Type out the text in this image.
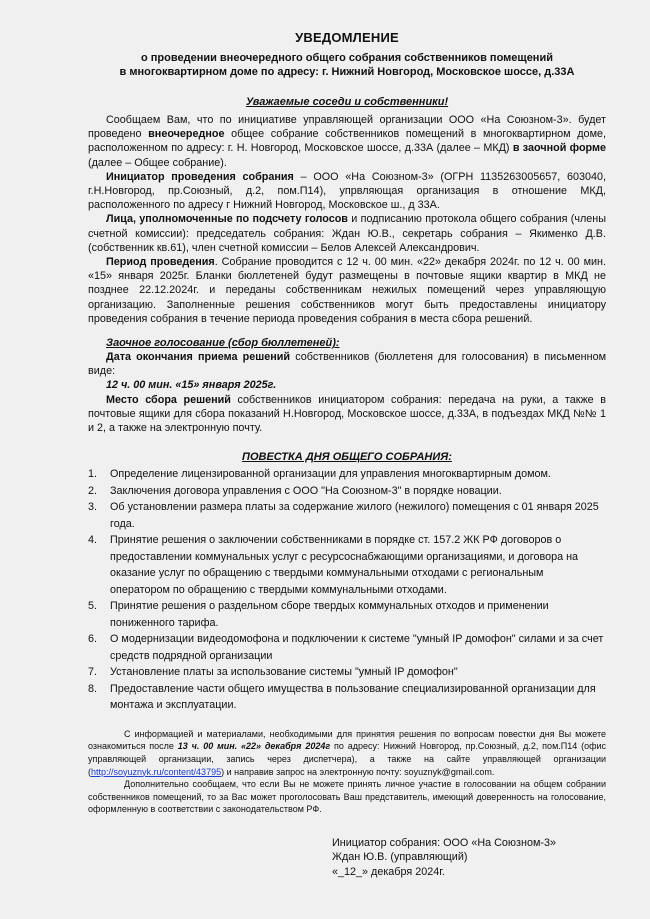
УВЕДОМЛЕНИЕ
о проведении внеочередного общего собрания собственников помещений
в многоквартирном доме по адресу: г. Нижний Новгород, Московское шоссе, д.33А
Уважаемые соседи и собственники!

Сообщаем Вам, что по инициативе управляющей организации ООО «На Союзном-3». будет проведено внеочередное общее собрание собственников помещений в многоквартирном доме, расположенном по адресу: г. Н. Новгород, Московское шоссе, д.33А (далее – МКД) в заочной форме (далее – Общее собрание).

Инициатор проведения собрания – ООО «На Союзном-3» (ОГРН 1135263005657, 603040, г.Н.Новгород, пр.Союзный, д.2, пом.П14), упрвляющая организация в отношение МКД, расположенного по адресу г Нижний Новгород, Московское ш., д 33А.

Лица, уполномоченные по подсчету голосов и подписанию протокола общего собрания (члены счетной комиссии): председатель собрания: Ждан Ю.В., секретарь собрания – Якименко Д.В. (собственник кв.61), член счетной комиссии – Белов Алексей Александрович.

Период проведения. Собрание проводится с 12 ч. 00 мин. «22» декабря 2024г. по 12 ч. 00 мин. «15» января 2025г. Бланки бюллетеней будут размещены в почтовые ящики квартир в МКД не позднее 22.12.2024г. и переданы собственникам нежилых помещений через управляющую организацию. Заполненные решения собственников могут быть предоставлены инициатору проведения собрания в течение периода проведения собрания в места сбора решений.

Заочное голосование (сбор бюллетеней):

Дата окончания приема решений собственников (бюллетеня для голосования) в письменном виде:

12 ч. 00 мин. «15» января 2025г.

Место сбора решений собственников инициатором собрания: передача на руки, а также в почтовые ящики для сбора показаний Н.Новгород, Московское шоссе, д.33А, в подъездах МКД №№ 1 и 2, а также на электронную почту.

ПОВЕСТКА ДНЯ ОБЩЕГО СОБРАНИЯ:
1. Определение лицензированной организации для управления многоквартирным домом.
2. Заключения договора управления с ООО "На Союзном-3" в порядке новации.
3. Об установлении размера платы за содержание жилого (нежилого) помещения с 01 января 2025 года.
4. Принятие решения о заключении собственниками в порядке ст. 157.2 ЖК РФ договоров о предоставлении коммунальных услуг с ресурсоснабжающими организациями, и договора на оказание услуг по обращению с твердыми коммунальными отходами с региональным оператором по обращению с твердыми коммунальными отходами.
5. Принятие решения о раздельном сборе твердых коммунальных отходов и применении пониженного тарифа.
6. О модернизации видеодомофона и подключении к системе "умный IP домофон" силами и за счет средств подрядной организации
7. Установление платы за использование системы "умный IP домофон"
8. Предоставление части общего имущества в пользование специализированной организации для монтажа и эксплуатации.

С информацией и материалами, необходимыми для принятия решения по вопросам повестки дня Вы можете ознакомиться после 13 ч. 00 мин. «22» декабря 2024г по адресу: Нижний Новгород, пр.Союзный, д.2, пом.П14 (офис управляющей организации, запись через диспетчера), а также на сайте управляющей организации (http://soyuznyk.ru/content/43795) и направив запрос на электронную почту: soyuznyk@gmail.com.

Дополнительно сообщаем, что если Вы не можете принять личное участие в голосовании на общем собрании собственников помещений, то за Вас может проголосовать Ваш представитель, имеющий доверенность на голосование, оформленную в соответствии с законодательством РФ.

Инициатор собрания: ООО «На Союзном-3»
Ждан Ю.В. (управляющий)
«_12_» декабря 2024г.
